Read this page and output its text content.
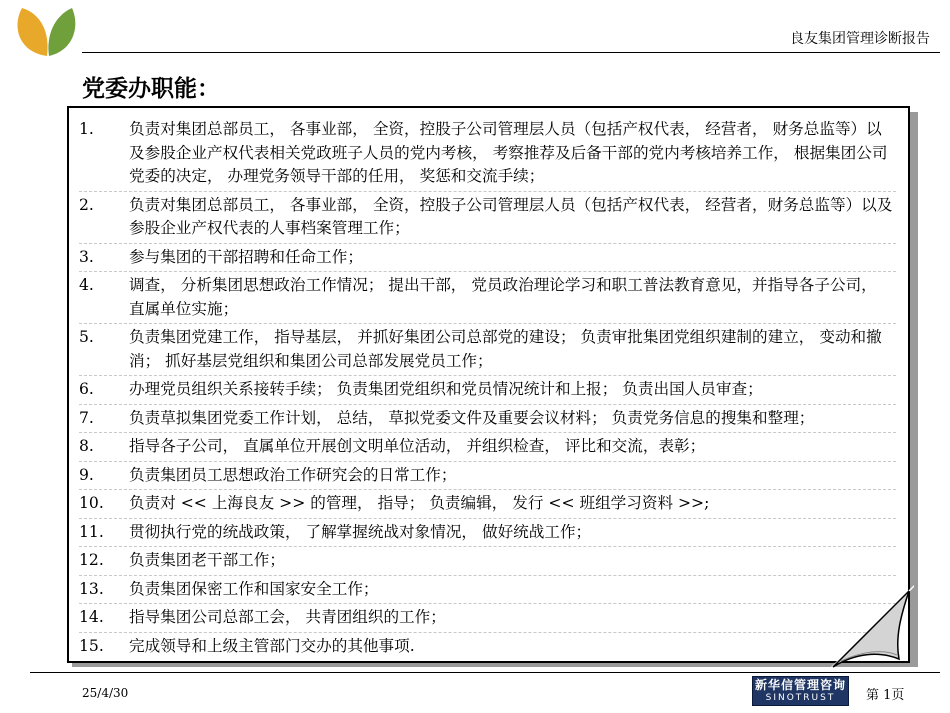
良友集团管理诊断报告
党委办职能：
1.	负责对集团总部员工， 各事业部， 全资，控股子公司管理层人员（包括产权代表， 经营者， 财务总监等）以及参股企业产权代表相关党政班子人员的党内考核， 考察推荐及后备干部的党内考核培养工作， 根据集团公司党委的决定， 办理党务领导干部的任用， 奖惩和交流手续；
2.	负责对集团总部员工， 各事业部， 全资，控股子公司管理层人员（包括产权代表， 经营者，财务总监等）以及参股企业产权代表的人事档案管理工作；
3.	参与集团的干部招聘和任命工作；
4.	调查， 分析集团思想政治工作情况； 提出干部， 党员政治理论学习和职工普法教育意见，并指导各子公司， 直属单位实施；
5.	负责集团党建工作， 指导基层， 并抓好集团公司总部党的建设； 负责审批集团党组织建制的建立， 变动和撤消； 抓好基层党组织和集团公司总部发展党员工作；
6.	办理党员组织关系接转手续； 负责集团党组织和党员情况统计和上报； 负责出国人员审查；
7.	负责草拟集团党委工作计划， 总结， 草拟党委文件及重要会议材料； 负责党务信息的搜集和整理；
8.	指导各子公司， 直属单位开展创文明单位活动， 并组织检查， 评比和交流，表彰；
9.	负责集团员工思想政治工作研究会的日常工作；
10.	负责对 << 上海良友 >> 的管理， 指导； 负责编辑， 发行 << 班组学习资料 >>;
11.	贯彻执行党的统战政策， 了解掌握统战对象情况， 做好统战工作；
12.	负责集团老干部工作；
13.	负责集团保密工作和国家安全工作；
14.	指导集团公司总部工会， 共青团组织的工作；
15.	完成领导和上级主管部门交办的其他事项.
25/4/30
新华信管理咨询
SINOTRUST	第 1页
